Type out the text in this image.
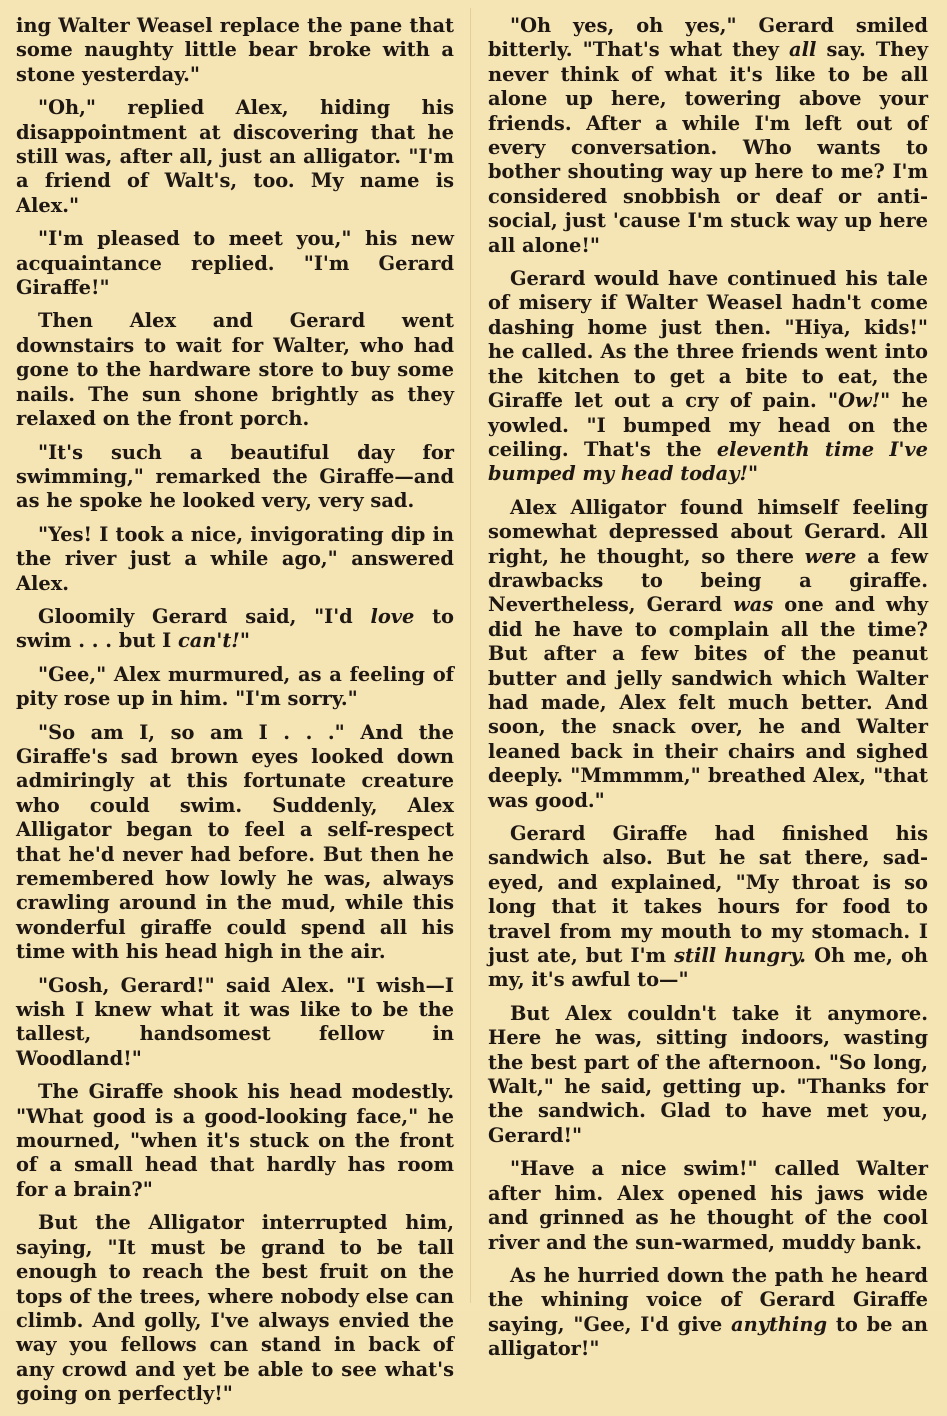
ing Walter Weasel replace the pane that some naughty little bear broke with a stone yesterday."

"Oh," replied Alex, hiding his disappointment at discovering that he still was, after all, just an alligator. "I'm a friend of Walt's, too. My name is Alex."

"I'm pleased to meet you," his new acquaintance replied. "I'm Gerard Giraffe!"

Then Alex and Gerard went downstairs to wait for Walter, who had gone to the hardware store to buy some nails. The sun shone brightly as they relaxed on the front porch.

"It's such a beautiful day for swimming," remarked the Giraffe—and as he spoke he looked very, very sad.

"Yes! I took a nice, invigorating dip in the river just a while ago," answered Alex.

Gloomily Gerard said, "I'd love to swim . . . but I can't!"

"Gee," Alex murmured, as a feeling of pity rose up in him. "I'm sorry."

"So am I, so am I . . ." And the Giraffe's sad brown eyes looked down admiringly at this fortunate creature who could swim. Suddenly, Alex Alligator began to feel a self-respect that he'd never had before. But then he remembered how lowly he was, always crawling around in the mud, while this wonderful giraffe could spend all his time with his head high in the air.

"Gosh, Gerard!" said Alex. "I wish—I wish I knew what it was like to be the tallest, handsomest fellow in Woodland!"

The Giraffe shook his head modestly. "What good is a good-looking face," he mourned, "when it's stuck on the front of a small head that hardly has room for a brain?"

But the Alligator interrupted him, saying, "It must be grand to be tall enough to reach the best fruit on the tops of the trees, where nobody else can climb. And golly, I've always envied the way you fellows can stand in back of any crowd and yet be able to see what's going on perfectly!"

"Oh yes, oh yes," Gerard smiled bitterly. "That's what they all say. They never think of what it's like to be all alone up here, towering above your friends. After a while I'm left out of every conversation. Who wants to bother shouting way up here to me? I'm considered snobbish or deaf or anti-social, just 'cause I'm stuck way up here all alone!"

Gerard would have continued his tale of misery if Walter Weasel hadn't come dashing home just then. "Hiya, kids!" he called. As the three friends went into the kitchen to get a bite to eat, the Giraffe let out a cry of pain. "Ow!" he yowled. "I bumped my head on the ceiling. That's the eleventh time I've bumped my head today!"

Alex Alligator found himself feeling somewhat depressed about Gerard. All right, he thought, so there were a few drawbacks to being a giraffe. Nevertheless, Gerard was one and why did he have to complain all the time? But after a few bites of the peanut butter and jelly sandwich which Walter had made, Alex felt much better. And soon, the snack over, he and Walter leaned back in their chairs and sighed deeply. "Mmmmm," breathed Alex, "that was good."

Gerard Giraffe had finished his sandwich also. But he sat there, sad-eyed, and explained, "My throat is so long that it takes hours for food to travel from my mouth to my stomach. I just ate, but I'm still hungry. Oh me, oh my, it's awful to—"

But Alex couldn't take it anymore. Here he was, sitting indoors, wasting the best part of the afternoon. "So long, Walt," he said, getting up. "Thanks for the sandwich. Glad to have met you, Gerard!"

"Have a nice swim!" called Walter after him. Alex opened his jaws wide and grinned as he thought of the cool river and the sun-warmed, muddy bank.

As he hurried down the path he heard the whining voice of Gerard Giraffe saying, "Gee, I'd give anything to be an alligator!"
